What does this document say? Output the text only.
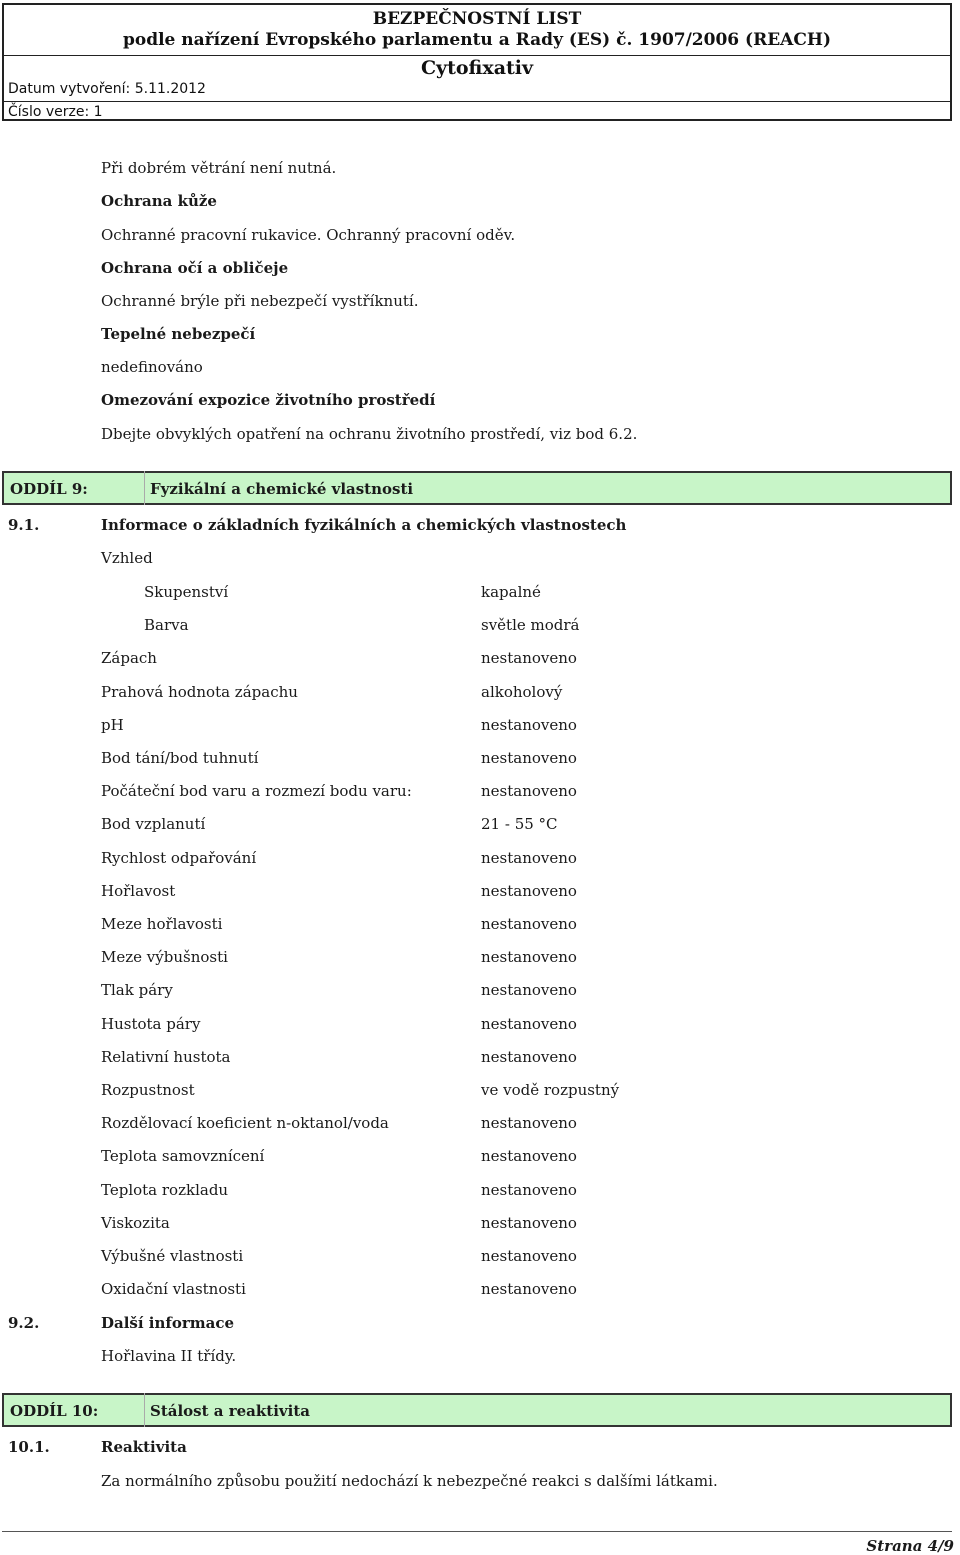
BEZPEČNOSTNÍ LIST
podle nařízení Evropského parlamentu a Rady (ES) č. 1907/2006 (REACH)
Cytofixativ
Datum vytvoření: 5.11.2012
Číslo verze: 1
Při dobrém větrání není nutná.
Ochrana kůže
Ochranné pracovní rukavice. Ochranný pracovní oděv.
Ochrana očí a obličeje
Ochranné brýle při nebezpečí vystříknutí.
Tepelné nebezpečí
nedefinováno
Omezování expozice životního prostředí
Dbejte obvyklých opatření na ochranu životního prostředí, viz bod 6.2.
ODDÍL 9:	Fyzikální a chemické vlastnosti
9.1.	Informace o základních fyzikálních a chemických vlastnostech
Vzhled
Skupenství	kapalné
Barva	světle modrá
Zápach	nestanoveno
Prahová hodnota zápachu	alkoholový
pH	nestanoveno
Bod tání/bod tuhnutí	nestanoveno
Počáteční bod varu a rozmezí bodu varu:	nestanoveno
Bod vzplanutí	21 - 55 °C
Rychlost odpařování	nestanoveno
Hořlavost	nestanoveno
Meze hořlavosti	nestanoveno
Meze výbušnosti	nestanoveno
Tlak páry	nestanoveno
Hustota páry	nestanoveno
Relativní hustota	nestanoveno
Rozpustnost	ve vodě rozpustný
Rozdělovací koeficient n-oktanol/voda	nestanoveno
Teplota samovznícení	nestanoveno
Teplota rozkladu	nestanoveno
Viskozita	nestanoveno
Výbušné vlastnosti	nestanoveno
Oxidační vlastnosti	nestanoveno
9.2.	Další informace
Hořlavina II třídy.
ODDÍL 10:	Stálost a reaktivita
10.1.	Reaktivita
Za normálního způsobu použití nedochází k nebezpečné reakci s dalšími látkami.
Strana 4/9
